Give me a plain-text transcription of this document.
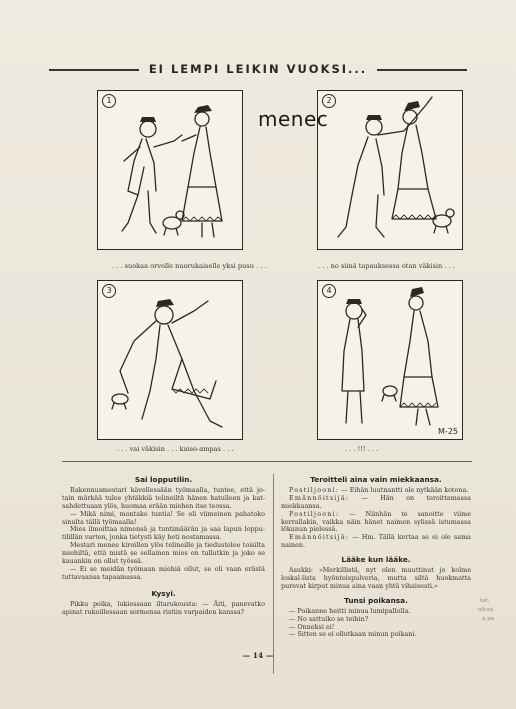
EI LEMPI LEIKIN VUOKSI...
1
. . . suokaa orvolle nuorukaiselle yksi pusu . . .
2
. . . no siinä tapauksessa otan väkisin . . .
3
. . . vai väkisin . . . kaiso-ampas . . .
4
M-25
. . . !!! . . .
menec
Sai lopputilin.

Rakennusmestari kävellessään työmaalla, tuntee, että jo-tain märkää tulee yhtäkkiä telineiltä hänen hatulleen ja kat-sahdettuaan ylös, huomaa erään miehen itse teossa.

— Mikä nimi, montako tuntia! Se oli viimeinen pahatoko sinulta tällä työmaalla!

Mies ilmoittaa nimensä ja tuntimäärän ja saa lapun loppu-tilillän varten, jonka tietysti käy heti nostamassa.

Mestari menee kiroillen ylös telineille ja tiedustelee toisilta miehiltä, että mistä se sellainen mies on tullutkin ja joko se kauankin on ollut työssä.

— Ei se meidän työmaan miehiä ollut, se oli vaan erästä tuttavaansa tapaamassa.

Kysyi.

Pikku poika, lukiessaan iltarukousta: — Äiti, panevatko apinat rukoillessaan sormensa ristiin varpaiden kanssa?

Teroitteli aina vain miekkaansa.

Postiljooni: — Eihän luutnantti ole nytkään kotona.

Emännöitsijä: — Hän on teroittamassa miekkaansa.

Postiljooni: — Niinhän te sanoitte viime kerrallakin, vaikka näin hänet naimen sylissä istumassa lökunun pielessä.

Emännöitsijä: — Hm. Tällä kertaa se ei ole sama nainen.

Lääke kun lääke.

Asukki: »Merkillistä, nyt olen muuttinut jo kolme loskal-lista hyönteispulveria, mutta siltä huokmatta purevat kirput minua aina vaan yhtä vihaisesti.»

Tunsi poikansa.

— Poikanne heitti minua lumipallolla.

— No sattuiko se teihin?

— Onneksi ei!

— Sitten se ei ollutkaan minun poikani.

tat,
olkva.
a pa
— 14 —
